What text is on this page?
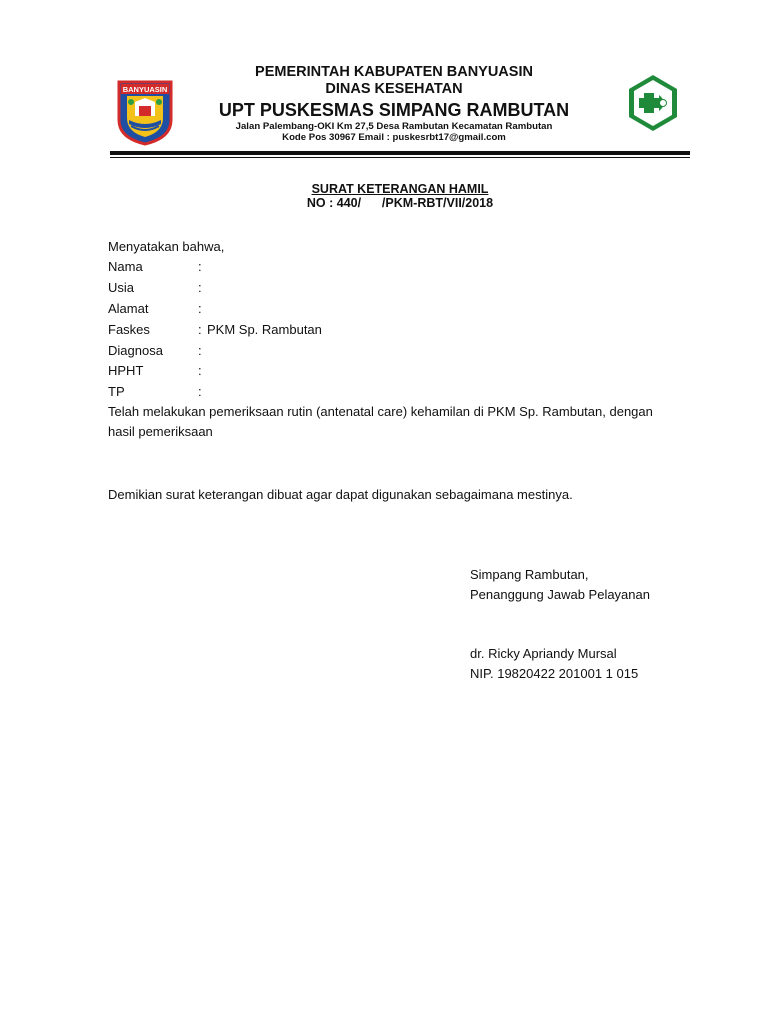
BANYUASIN
PEMERINTAH KABUPATEN BANYUASIN
DINAS KESEHATAN
UPT PUSKESMAS SIMPANG RAMBUTAN
Jalan Palembang-OKI Km 27,5 Desa Rambutan Kecamatan Rambutan
Kode Pos 30967 Email : puskesrbt17@gmail.com
SURAT KETERANGAN HAMIL
NO : 440/      /PKM-RBT/VII/2018
Menyatakan bahwa,
Nama	:
Usia	:
Alamat	:
Faskes	: PKM Sp. Rambutan
Diagnosa	:
HPHT	:
TP	:
Telah melakukan pemeriksaan rutin (antenatal care) kehamilan di PKM Sp. Rambutan, dengan
hasil pemeriksaan
Demikian surat keterangan dibuat agar dapat digunakan sebagaimana mestinya.
Simpang Rambutan,
Penanggung Jawab Pelayanan
dr. Ricky Apriandy Mursal
NIP. 19820422 201001 1 015
